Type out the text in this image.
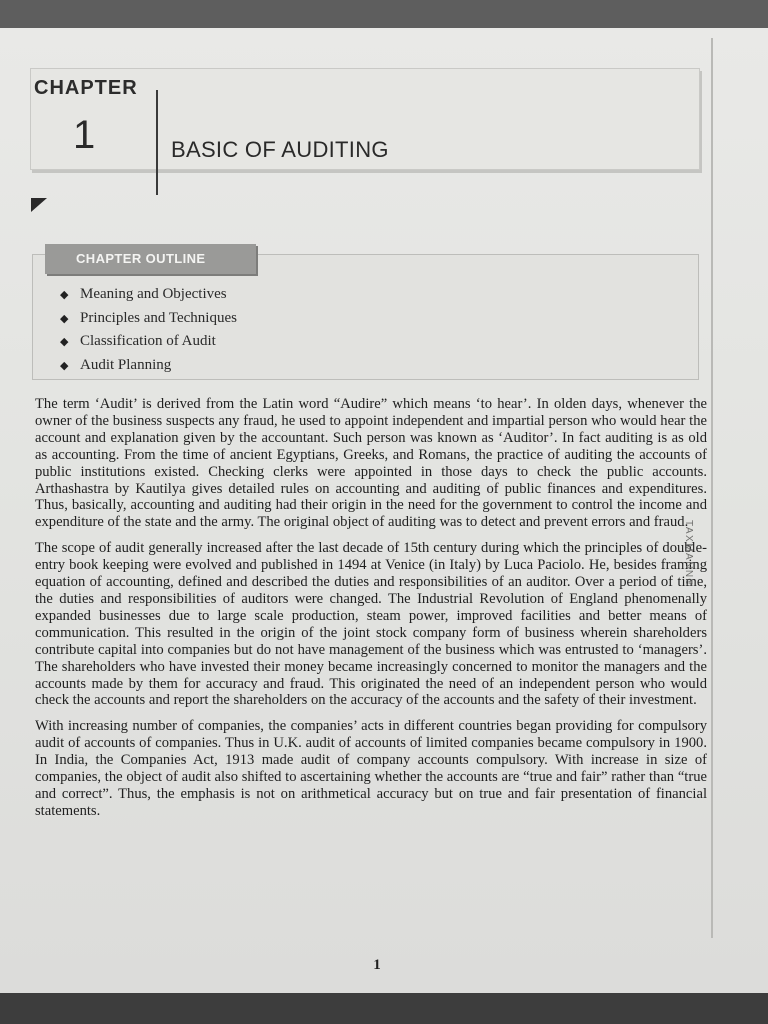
CHAPTER
1	BASIC OF AUDITING
CHAPTER OUTLINE
◆ Meaning and Objectives
◆ Principles and Techniques
◆ Classification of Audit
◆ Audit Planning

The term ‘Audit’ is derived from the Latin word “Audire” which means ‘to hear’. In olden days, whenever the owner of the business suspects any fraud, he used to appoint independent and impartial person who would hear the account and explanation given by the accountant. Such person was known as ‘Auditor’. In fact auditing is as old as accounting. From the time of ancient Egyptians, Greeks, and Romans, the practice of auditing the accounts of public institutions existed. Checking clerks were appointed in those days to check the public accounts. Arthashastra by Kautilya gives detailed rules on accounting and auditing of public finances and expenditures. Thus, basically, accounting and auditing had their origin in the need for the government to control the income and expenditure of the state and the army. The original object of auditing was to detect and prevent errors and fraud.

The scope of audit generally increased after the last decade of 15th century during which the principles of double-entry book keeping were evolved and published in 1494 at Venice (in Italy) by Luca Paciolo. He, besides framing equation of accounting, defined and described the duties and responsibilities of an auditor. Over a period of time, the duties and responsibilities of auditors were changed. The Industrial Revolution of England phenomenally expanded businesses due to large scale production, steam power, improved facilities and better means of communication. This resulted in the origin of the joint stock company form of business wherein shareholders contribute capital into companies but do not have management of the business which was entrusted to ‘managers’. The shareholders who have invested their money became increasingly concerned to monitor the managers and the accounts made by them for accuracy and fraud. This originated the need of an independent person who would check the accounts and report the shareholders on the accuracy of the accounts and the safety of their investment.

With increasing number of companies, the companies’ acts in different countries began providing for compulsory audit of accounts of companies. Thus in U.K. audit of accounts of limited companies became compulsory in 1900. In India, the Companies Act, 1913 made audit of company accounts compulsory. With increase in size of companies, the object of audit also shifted to ascertaining whether the accounts are “true and fair” rather than “true and correct”. Thus, the emphasis is not on arithmetical accuracy but on true and fair presentation of financial statements.

TAXMANN®
1
